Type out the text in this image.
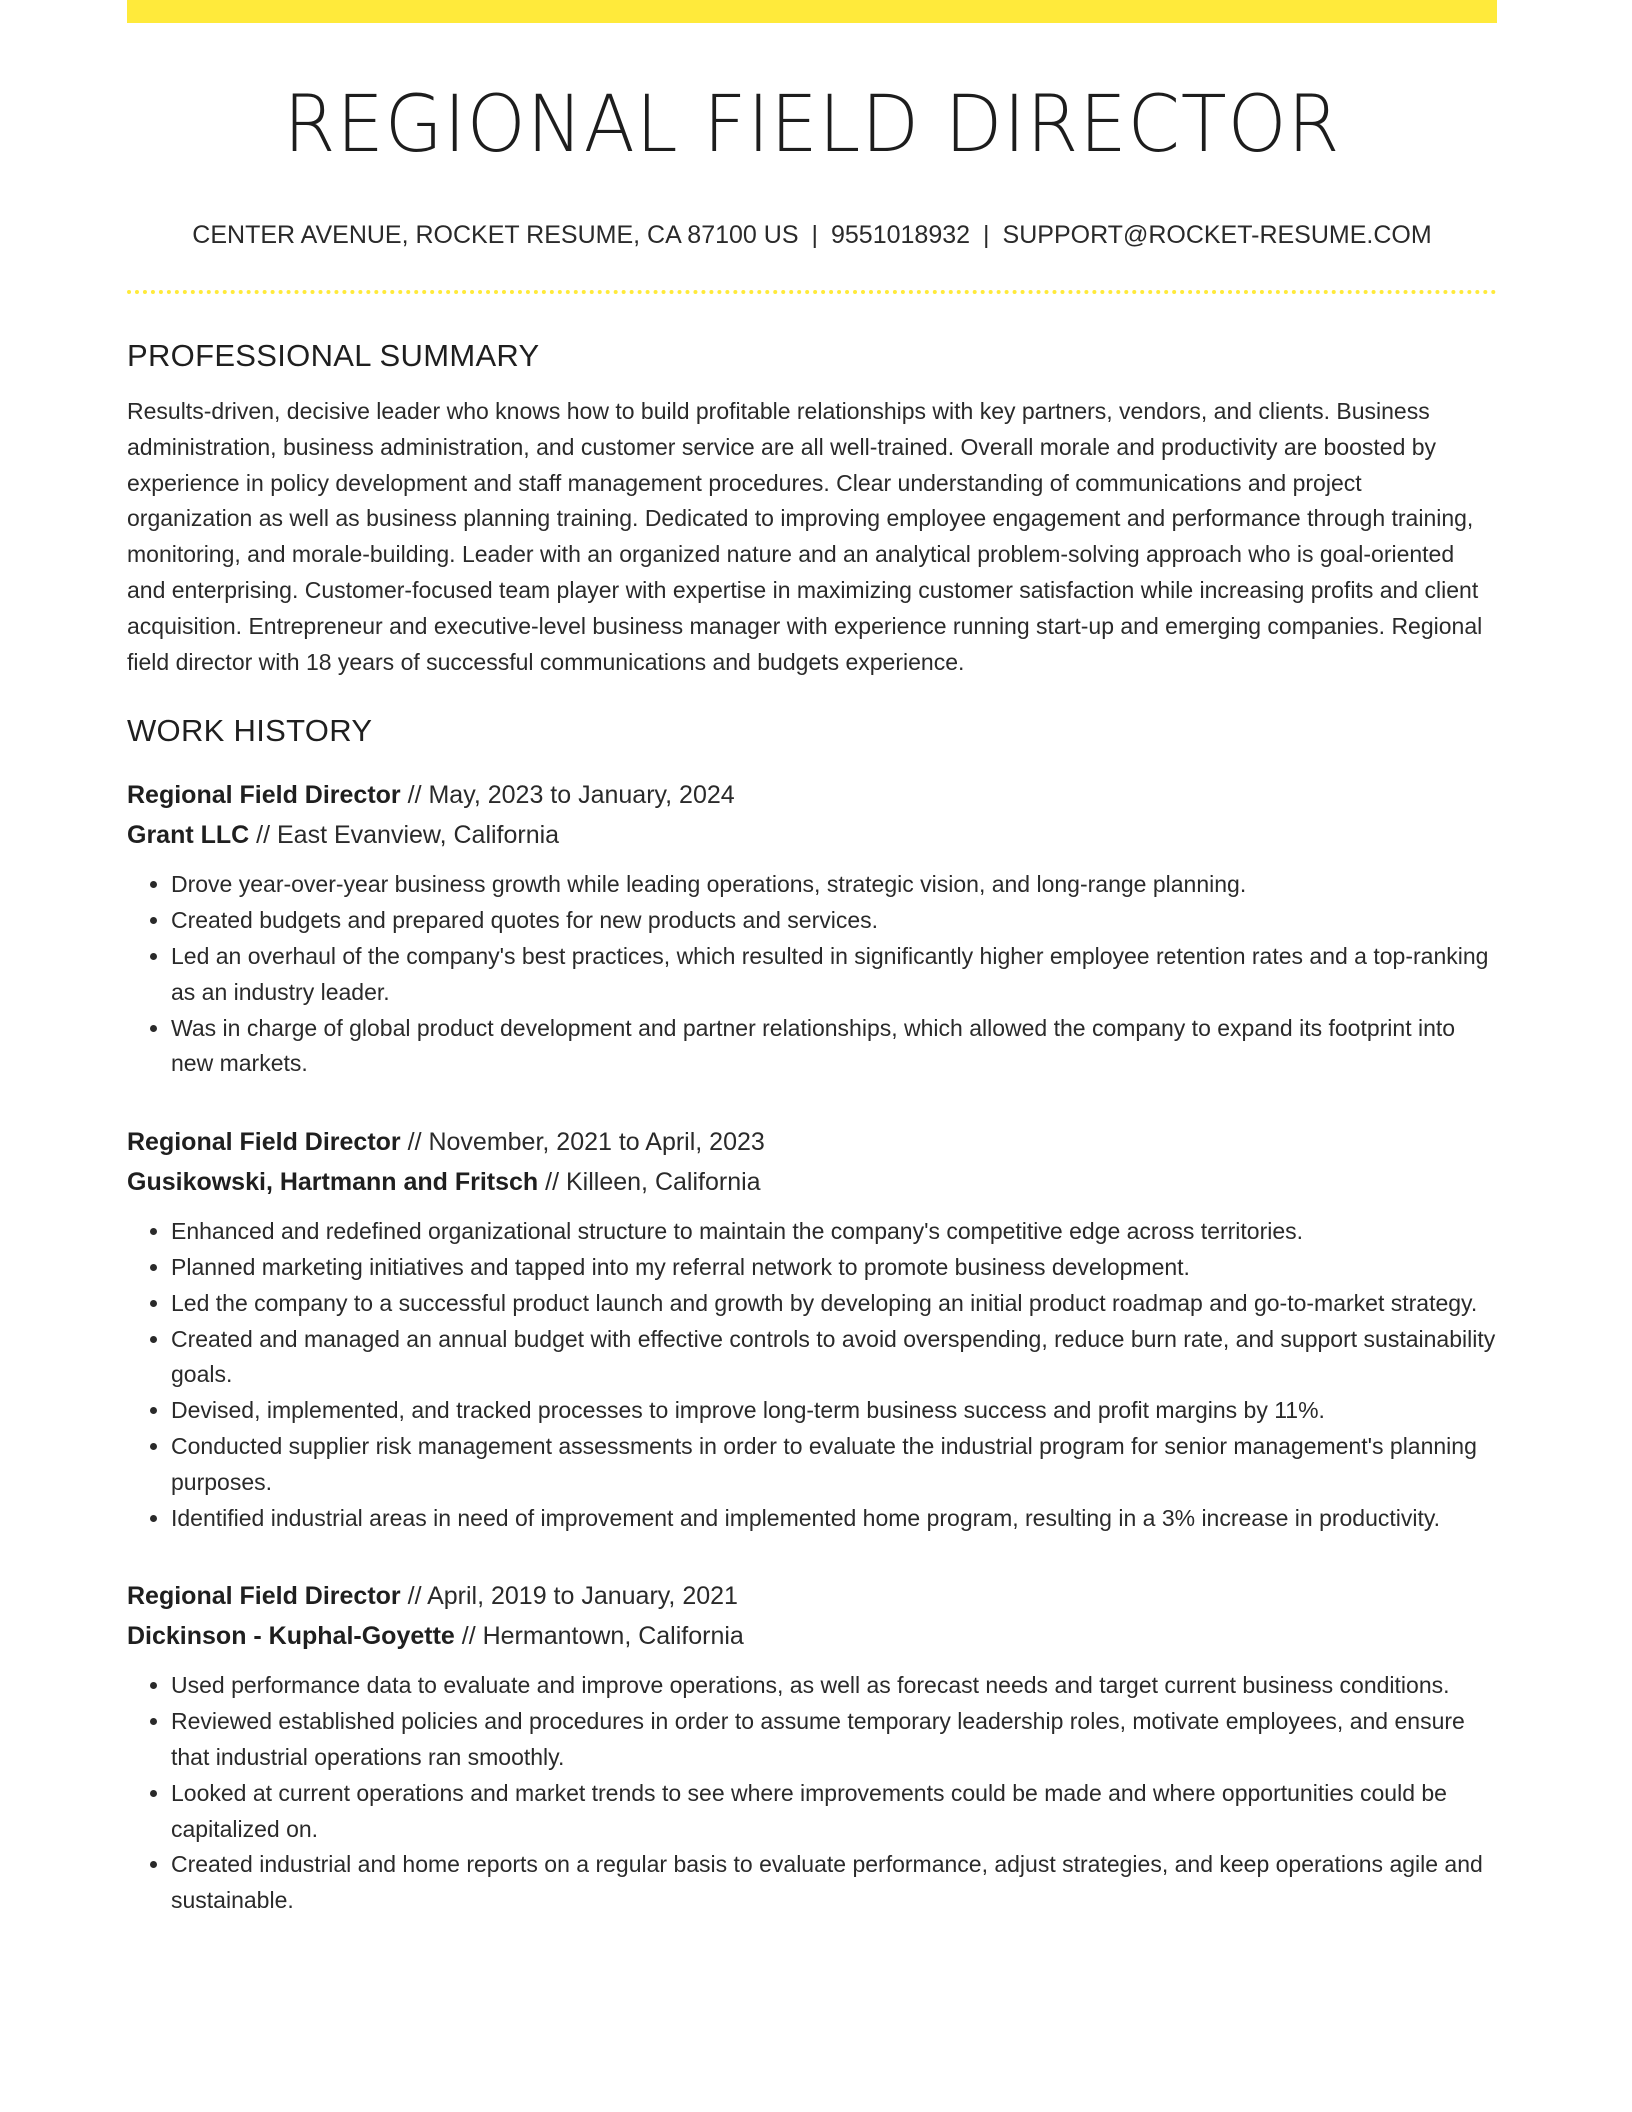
REGIONAL FIELD DIRECTOR
CENTER AVENUE, ROCKET RESUME, CA 87100 US | 9551018932 | SUPPORT@ROCKET-RESUME.COM
PROFESSIONAL SUMMARY
Results-driven, decisive leader who knows how to build profitable relationships with key partners, vendors, and clients. Business administration, business administration, and customer service are all well-trained. Overall morale and productivity are boosted by experience in policy development and staff management procedures. Clear understanding of communications and project organization as well as business planning training. Dedicated to improving employee engagement and performance through training, monitoring, and morale-building. Leader with an organized nature and an analytical problem-solving approach who is goal-oriented and enterprising. Customer-focused team player with expertise in maximizing customer satisfaction while increasing profits and client acquisition. Entrepreneur and executive-level business manager with experience running start-up and emerging companies. Regional field director with 18 years of successful communications and budgets experience.
WORK HISTORY
Regional Field Director // May, 2023 to January, 2024
Grant LLC // East Evanview, California
• Drove year-over-year business growth while leading operations, strategic vision, and long-range planning.
• Created budgets and prepared quotes for new products and services.
• Led an overhaul of the company's best practices, which resulted in significantly higher employee retention rates and a top-ranking as an industry leader.
• Was in charge of global product development and partner relationships, which allowed the company to expand its footprint into new markets.
Regional Field Director // November, 2021 to April, 2023
Gusikowski, Hartmann and Fritsch // Killeen, California
• Enhanced and redefined organizational structure to maintain the company's competitive edge across territories.
• Planned marketing initiatives and tapped into my referral network to promote business development.
• Led the company to a successful product launch and growth by developing an initial product roadmap and go-to-market strategy.
• Created and managed an annual budget with effective controls to avoid overspending, reduce burn rate, and support sustainability goals.
• Devised, implemented, and tracked processes to improve long-term business success and profit margins by 11%.
• Conducted supplier risk management assessments in order to evaluate the industrial program for senior management's planning purposes.
• Identified industrial areas in need of improvement and implemented home program, resulting in a 3% increase in productivity.
Regional Field Director // April, 2019 to January, 2021
Dickinson - Kuphal-Goyette // Hermantown, California
• Used performance data to evaluate and improve operations, as well as forecast needs and target current business conditions.
• Reviewed established policies and procedures in order to assume temporary leadership roles, motivate employees, and ensure that industrial operations ran smoothly.
• Looked at current operations and market trends to see where improvements could be made and where opportunities could be capitalized on.
• Created industrial and home reports on a regular basis to evaluate performance, adjust strategies, and keep operations agile and sustainable.
